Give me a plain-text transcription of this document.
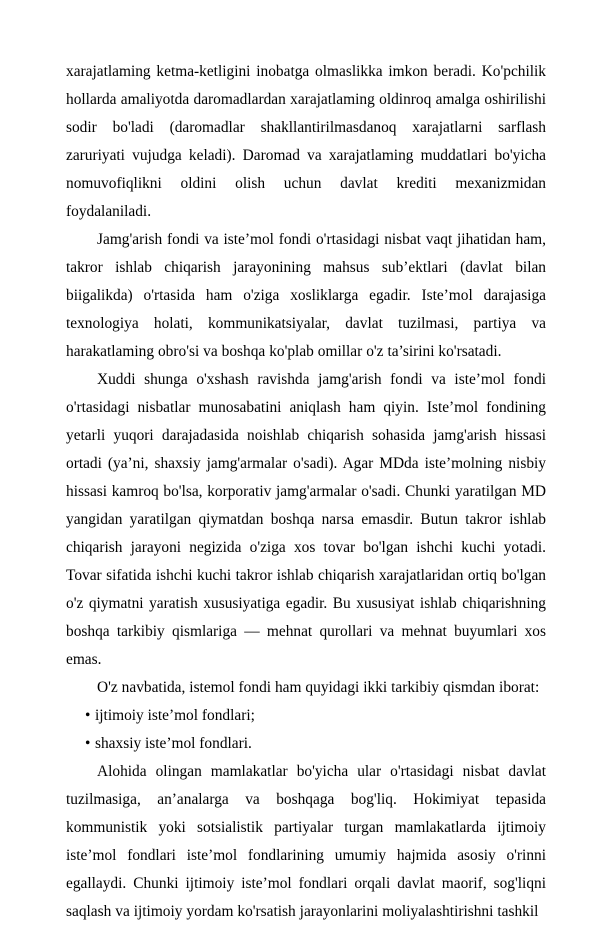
xarajatlaming ketma-ketligini inobatga olmaslikka imkon beradi. Ko'pchilik hollarda amaliyotda daromadlardan xarajatlaming oldinroq amalga oshirilishi sodir bo'ladi (daromadlar shakllantirilmasdanoq xarajatlarni sarflash zaruriyati vujudga keladi). Daromad va xarajatlaming muddatlari bo'yicha nomuvofiqlikni oldini olish uchun davlat krediti mexanizmidan foydalaniladi.

Jamg'arish fondi va iste’mol fondi o'rtasidagi nisbat vaqt jihatidan ham, takror ishlab chiqarish jarayonining mahsus sub’ektlari (davlat bilan biigalikda) o'rtasida ham o'ziga xosliklarga egadir. Iste’mol darajasiga texnologiya holati, kommunikatsiyalar, davlat tuzilmasi, partiya va harakatlaming obro'si va boshqa ko'plab omillar o'z ta’sirini ko'rsatadi.

Xuddi shunga o'xshash ravishda jamg'arish fondi va iste’mol fondi o'rtasidagi nisbatlar munosabatini aniqlash ham qiyin. Iste’mol fondining yetarli yuqori darajadasida noishlab chiqarish sohasida jamg'arish hissasi ortadi (ya’ni, shaxsiy jamg'armalar o'sadi). Agar MDda iste’molning nisbiy hissasi kamroq bo'lsa, korporativ jamg'armalar o'sadi. Chunki yaratilgan MD yangidan yaratilgan qiymatdan boshqa narsa emasdir. Butun takror ishlab chiqarish jarayoni negizida o'ziga xos tovar bo'lgan ishchi kuchi yotadi. Tovar sifatida ishchi kuchi takror ishlab chiqarish xarajatlaridan ortiq bo'lgan o'z qiymatni yaratish xususiyatiga egadir. Bu xususiyat ishlab chiqarishning boshqa tarkibiy qismlariga — mehnat qurollari va mehnat buyumlari xos emas.

O'z navbatida, istemol fondi ham quyidagi ikki tarkibiy qismdan iborat:

• ijtimoiy iste’mol fondlari;
• shaxsiy iste’mol fondlari.

Alohida olingan mamlakatlar bo'yicha ular o'rtasidagi nisbat davlat tuzilmasiga, an’analarga va boshqaga bog'liq. Hokimiyat tepasida kommunistik yoki sotsialistik partiyalar turgan mamlakatlarda ijtimoiy iste’mol fondlari iste’mol fondlarining umumiy hajmida asosiy o'rinni egallaydi. Chunki ijtimoiy iste’mol fondlari orqali davlat maorif, sog'liqni saqlash va ijtimoiy yordam ko'rsatish jarayonlarini moliyalashtirishni tashkil
